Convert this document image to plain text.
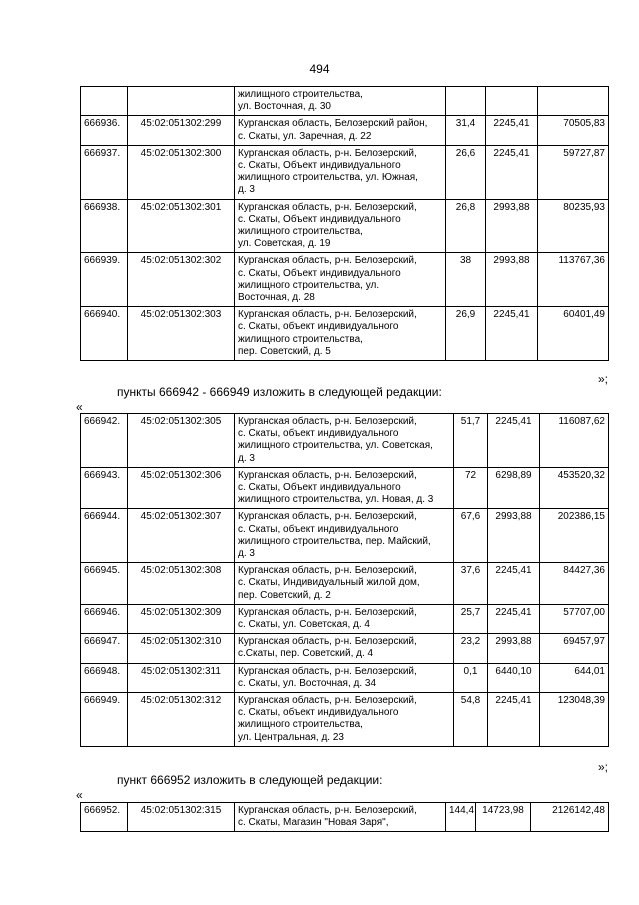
494
		жилищного строительства,
ул. Восточная, д. 30			
666936.	45:02:051302:299	Курганская область, Белозерский район,
с. Скаты, ул. Заречная, д. 22	31,4	2245,41	70505,83
666937.	45:02:051302:300	Курганская область, р-н. Белозерский,
с. Скаты, Объект индивидуального
жилищного строительства, ул. Южная,
д. 3	26,6	2245,41	59727,87
666938.	45:02:051302:301	Курганская область, р-н. Белозерский,
с. Скаты, Объект индивидуального
жилищного строительства,
ул. Советская, д. 19	26,8	2993,88	80235,93
666939.	45:02:051302:302	Курганская область, р-н. Белозерский,
с. Скаты, Объект индивидуального
жилищного строительства, ул.
Восточная, д. 28	38	2993,88	113767,36
666940.	45:02:051302:303	Курганская область, р-н. Белозерский,
с. Скаты, объект индивидуального
жилищного строительства,
пер. Советский, д. 5	26,9	2245,41	60401,49
»;
пункты 666942 - 666949 изложить в следующей редакции:
«
666942.	45:02:051302:305	Курганская область, р-н. Белозерский,
с. Скаты, объект индивидуального
жилищного строительства, ул. Советская,
д. 3	51,7	2245,41	116087,62
666943.	45:02:051302:306	Курганская область, р-н. Белозерский,
с. Скаты, Объект индивидуального
жилищного строительства, ул. Новая, д. 3	72	6298,89	453520,32
666944.	45:02:051302:307	Курганская область, р-н. Белозерский,
с. Скаты, объект индивидуального
жилищного строительства, пер. Майский,
д. 3	67,6	2993,88	202386,15
666945.	45:02:051302:308	Курганская область, р-н. Белозерский,
с. Скаты, Индивидуальный жилой дом,
пер. Советский, д. 2	37,6	2245,41	84427,36
666946.	45:02:051302:309	Курганская область, р-н. Белозерский,
с. Скаты, ул. Советская, д. 4	25,7	2245,41	57707,00
666947.	45:02:051302:310	Курганская область, р-н. Белозерский,
с.Скаты, пер. Советский, д. 4	23,2	2993,88	69457,97
666948.	45:02:051302:311	Курганская область, р-н. Белозерский,
с. Скаты, ул. Восточная, д. 34	0,1	6440,10	644,01
666949.	45:02:051302:312	Курганская область, р-н. Белозерский,
с. Скаты, объект индивидуального
жилищного строительства,
ул. Центральная, д. 23	54,8	2245,41	123048,39
»;
пункт 666952 изложить в следующей редакции:
«
666952.	45:02:051302:315	Курганская область, р-н. Белозерский,
с. Скаты, Магазин "Новая Заря",	144,4	14723,98	2126142,48
